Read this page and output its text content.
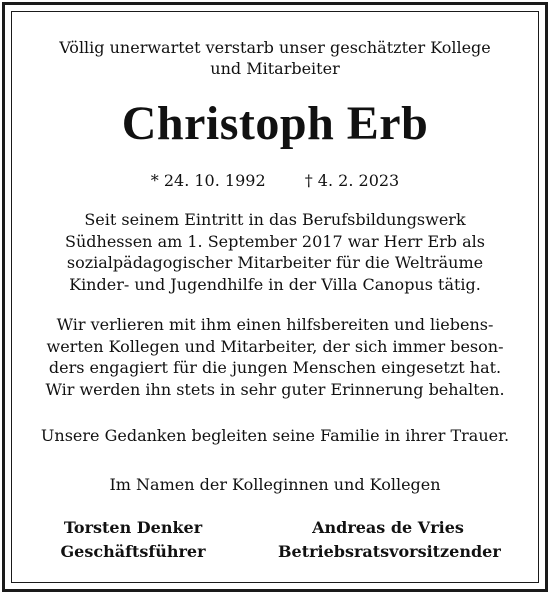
Völlig unerwartet verstarb unser geschätzter Kollege
und Mitarbeiter
Christoph Erb
* 24. 10. 1992 † 4. 2. 2023
Seit seinem Eintritt in das Berufsbildungswerk
Südhessen am 1. September 2017 war Herr Erb als
sozialpädagogischer Mitarbeiter für die Welträume
Kinder- und Jugendhilfe in der Villa Canopus tätig.
Wir verlieren mit ihm einen hilfsbereiten und liebens-
werten Kollegen und Mitarbeiter, der sich immer beson-
ders engagiert für die jungen Menschen eingesetzt hat.
Wir werden ihn stets in sehr guter Erinnerung behalten.
Unsere Gedanken begleiten seine Familie in ihrer Trauer.
Im Namen der Kolleginnen und Kollegen
Torsten Denker
Geschäftsführer
Andreas de Vries
Betriebsratsvorsitzender
